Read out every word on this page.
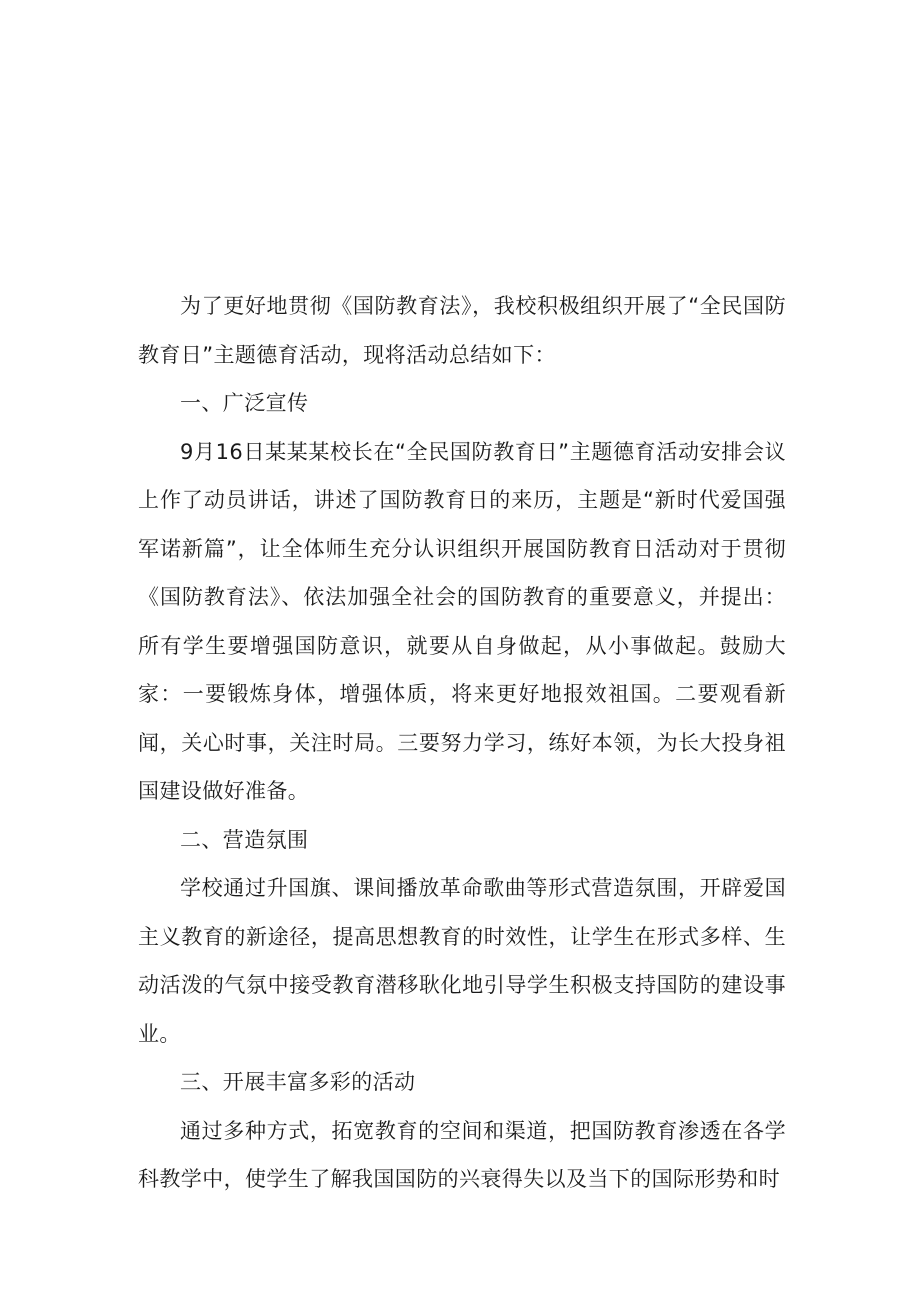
为了更好地贯彻《国防教育法》，我校积极组织开展了“全民国防教育日”主题德育活动，现将活动总结如下：

一、广泛宣传

9月16日某某某校长在“全民国防教育日”主题德育活动安排会议上作了动员讲话，讲述了国防教育日的来历，主题是“新时代爱国强军诺新篇”，让全体师生充分认识组织开展国防教育日活动对于贯彻《国防教育法》、依法加强全社会的国防教育的重要意义，并提出：所有学生要增强国防意识，就要从自身做起，从小事做起。鼓励大家：一要锻炼身体，增强体质，将来更好地报效祖国。二要观看新闻，关心时事，关注时局。三要努力学习，练好本领，为长大投身祖国建设做好准备。

二、营造氛围

学校通过升国旗、课间播放革命歌曲等形式营造氛围，开辟爱国主义教育的新途径，提高思想教育的时效性，让学生在形式多样、生动活泼的气氛中接受教育潜移耿化地引导学生积极支持国防的建设事业。

三、开展丰富多彩的活动

通过多种方式，拓宽教育的空间和渠道，把国防教育渗透在各学科教学中，使学生了解我国国防的兴衰得失以及当下的国际形势和时
